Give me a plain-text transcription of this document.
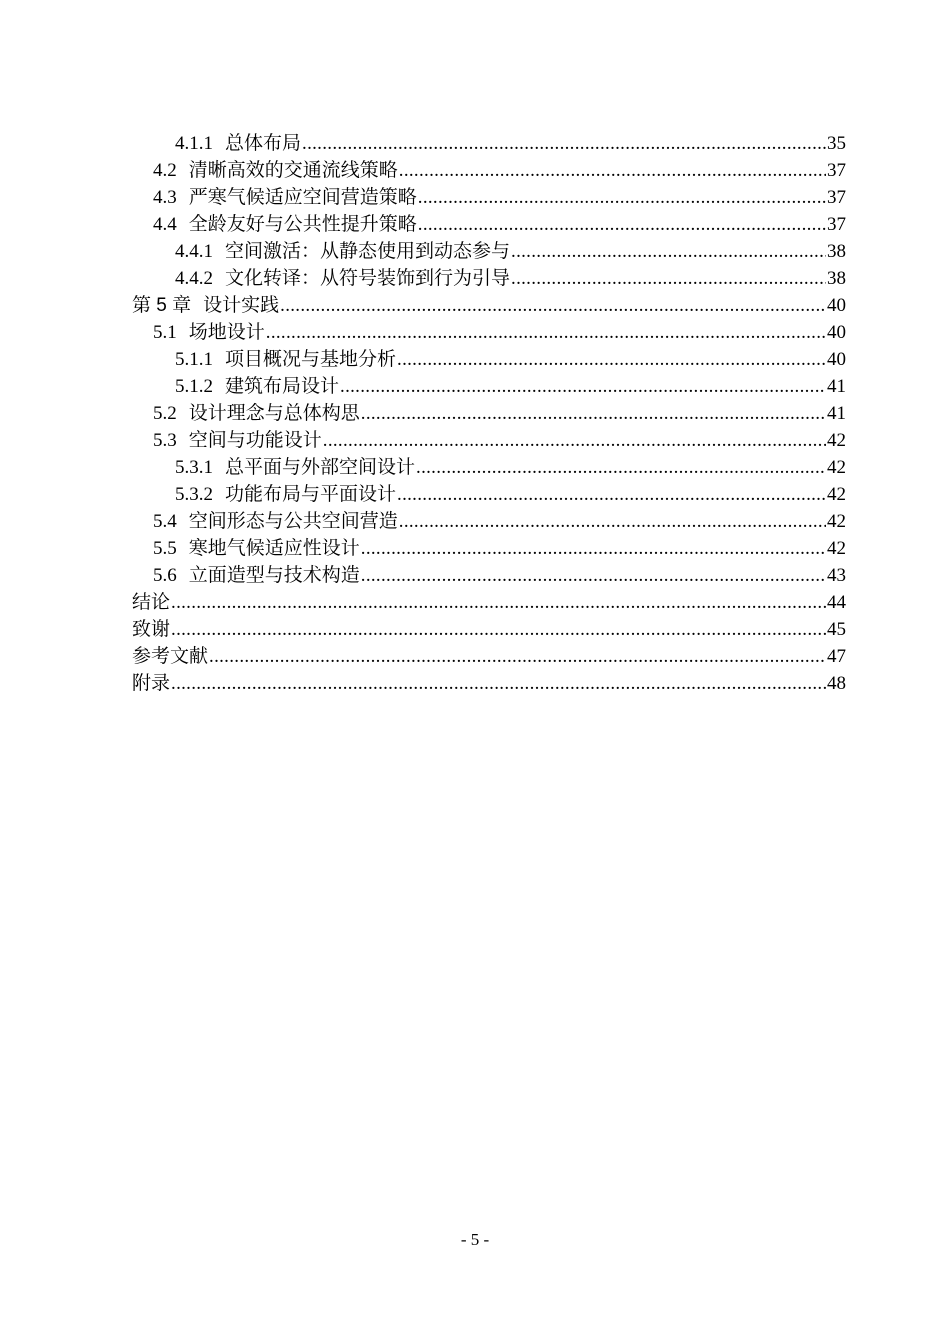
4.1.1 总体布局 .....	35
4.2 清晰高效的交通流线策略 .....	37
4.3 严寒气候适应空间营造策略 .....	37
4.4 全龄友好与公共性提升策略 .....	37
4.4.1 空间激活：从静态使用到动态参与 .....	38
4.4.2 文化转译：从符号装饰到行为引导 .....	38
第 5 章 设计实践 .....	40
5.1 场地设计 .....	40
5.1.1 项目概况与基地分析 .....	40
5.1.2 建筑布局设计 .....	41
5.2 设计理念与总体构思 .....	41
5.3 空间与功能设计 .....	42
5.3.1 总平面与外部空间设计 .....	42
5.3.2 功能布局与平面设计 .....	42
5.4 空间形态与公共空间营造 .....	42
5.5 寒地气候适应性设计 .....	42
5.6 立面造型与技术构造 .....	43
结论 .....	44
致谢 .....	45
参考文献 .....	47
附录 .....	48
- 5 -
